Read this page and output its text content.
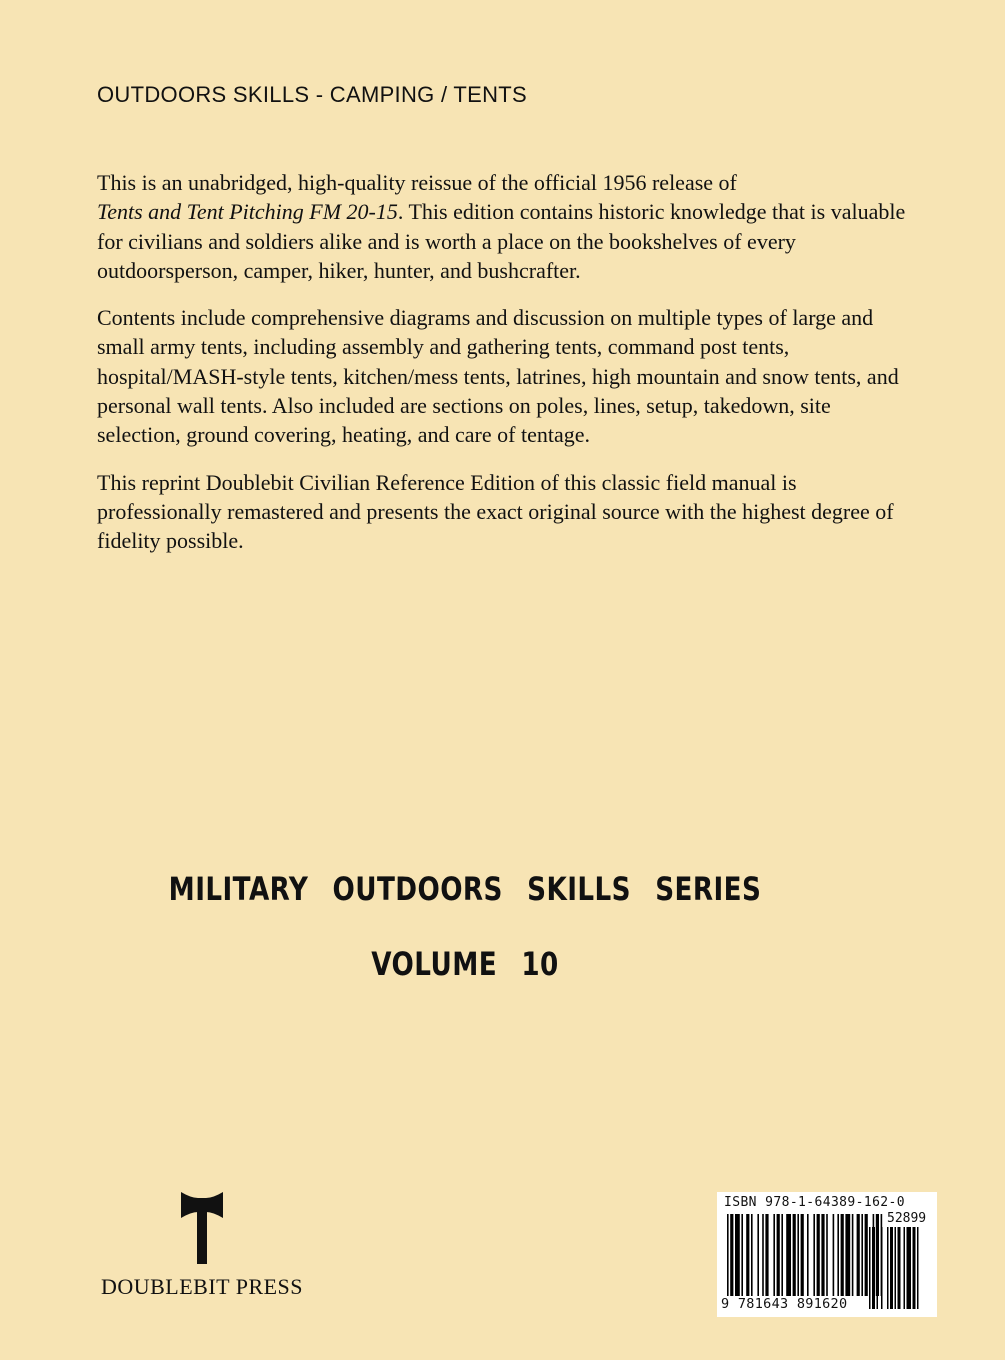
OUTDOORS SKILLS - CAMPING / TENTS

This is an unabridged, high-quality reissue of the official 1956 release of
Tents and Tent Pitching FM 20-15. This edition contains historic knowledge that is valuable for civilians and soldiers alike and is worth a place on the bookshelves of every outdoorsperson, camper, hiker, hunter, and bushcrafter.

Contents include comprehensive diagrams and discussion on multiple types of large and small army tents, including assembly and gathering tents, command post tents, hospital/MASH-style tents, kitchen/mess tents, latrines, high mountain and snow tents, and personal wall tents. Also included are sections on poles, lines, setup, takedown, site selection, ground covering, heating, and care of tentage.

This reprint Doublebit Civilian Reference Edition of this classic field manual is professionally remastered and presents the exact original source with the highest degree of fidelity possible.

MILITARY OUTDOORS SKILLS SERIES
VOLUME 10
DOUBLEBIT PRESS
ISBN 978-1-64389-162-0
52899
9 781643 891620
